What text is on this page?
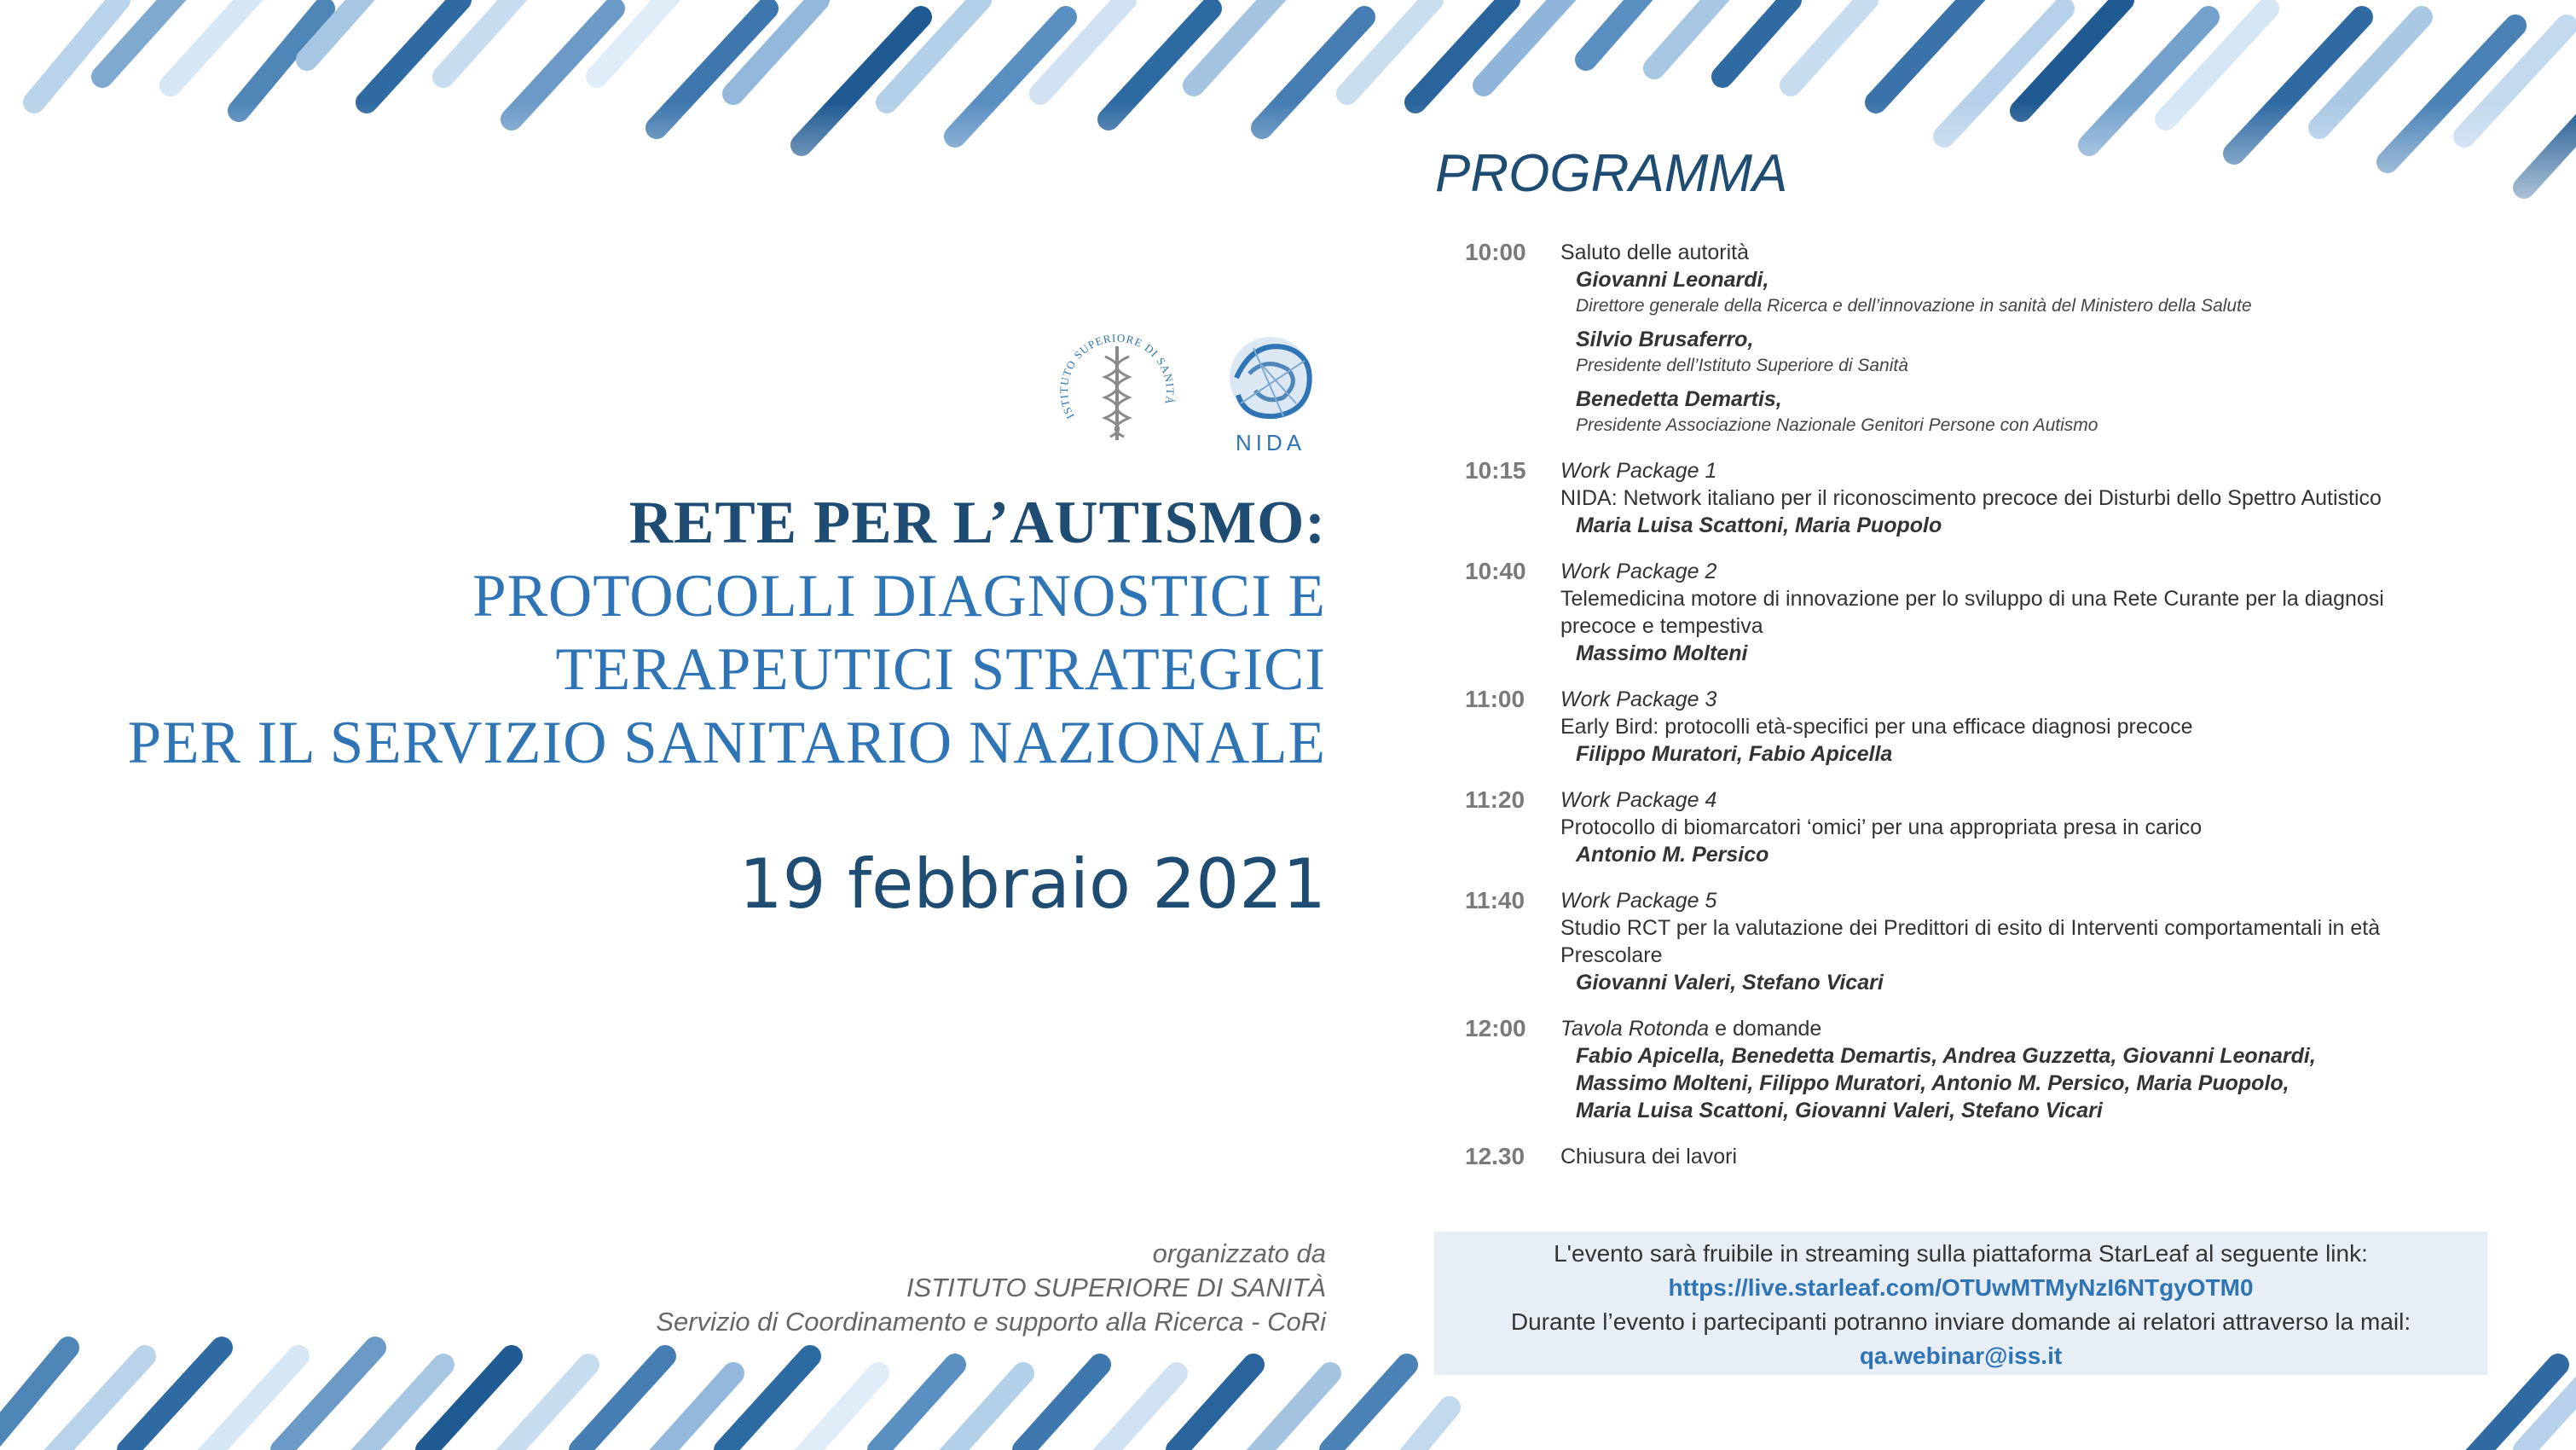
PROGRAMMA
ISTITUTO SUPERIORE DI SANITÀ
NIDA
RETE PER L’AUTISMO:
PROTOCOLLI DIAGNOSTICI E
TERAPEUTICI STRATEGICI
PER IL SERVIZIO SANITARIO NAZIONALE
19 febbraio 2021
organizzato da
ISTITUTO SUPERIORE DI SANITÀ
Servizio di Coordinamento e supporto alla Ricerca - CoRi
10:00	Saluto delle autorità
Giovanni Leonardi,
Direttore generale della Ricerca e dell’innovazione in sanità del Ministero della Salute
Silvio Brusaferro,
Presidente dell’Istituto Superiore di Sanità
Benedetta Demartis,
Presidente Associazione Nazionale Genitori Persone con Autismo
10:15	Work Package 1
NIDA: Network italiano per il riconoscimento precoce dei Disturbi dello Spettro Autistico
Maria Luisa Scattoni, Maria Puopolo
10:40	Work Package 2
Telemedicina motore di innovazione per lo sviluppo di una Rete Curante per la diagnosi
precoce e tempestiva
Massimo Molteni
11:00	Work Package 3
Early Bird: protocolli età-specifici per una efficace diagnosi precoce
Filippo Muratori, Fabio Apicella
11:20	Work Package 4
Protocollo di biomarcatori ‘omici’ per una appropriata presa in carico
Antonio M. Persico
11:40	Work Package 5
Studio RCT per la valutazione dei Predittori di esito di Interventi comportamentali in età
Prescolare
Giovanni Valeri, Stefano Vicari
12:00	Tavola Rotonda e domande
Fabio Apicella, Benedetta Demartis, Andrea Guzzetta, Giovanni Leonardi,
Massimo Molteni, Filippo Muratori, Antonio M. Persico, Maria Puopolo,
Maria Luisa Scattoni, Giovanni Valeri, Stefano Vicari
12.30	Chiusura dei lavori
L'evento sarà fruibile in streaming sulla piattaforma StarLeaf al seguente link:
https://live.starleaf.com/OTUwMTMyNzI6NTgyOTM0
Durante l’evento i partecipanti potranno inviare domande ai relatori attraverso la mail:
qa.webinar@iss.it
